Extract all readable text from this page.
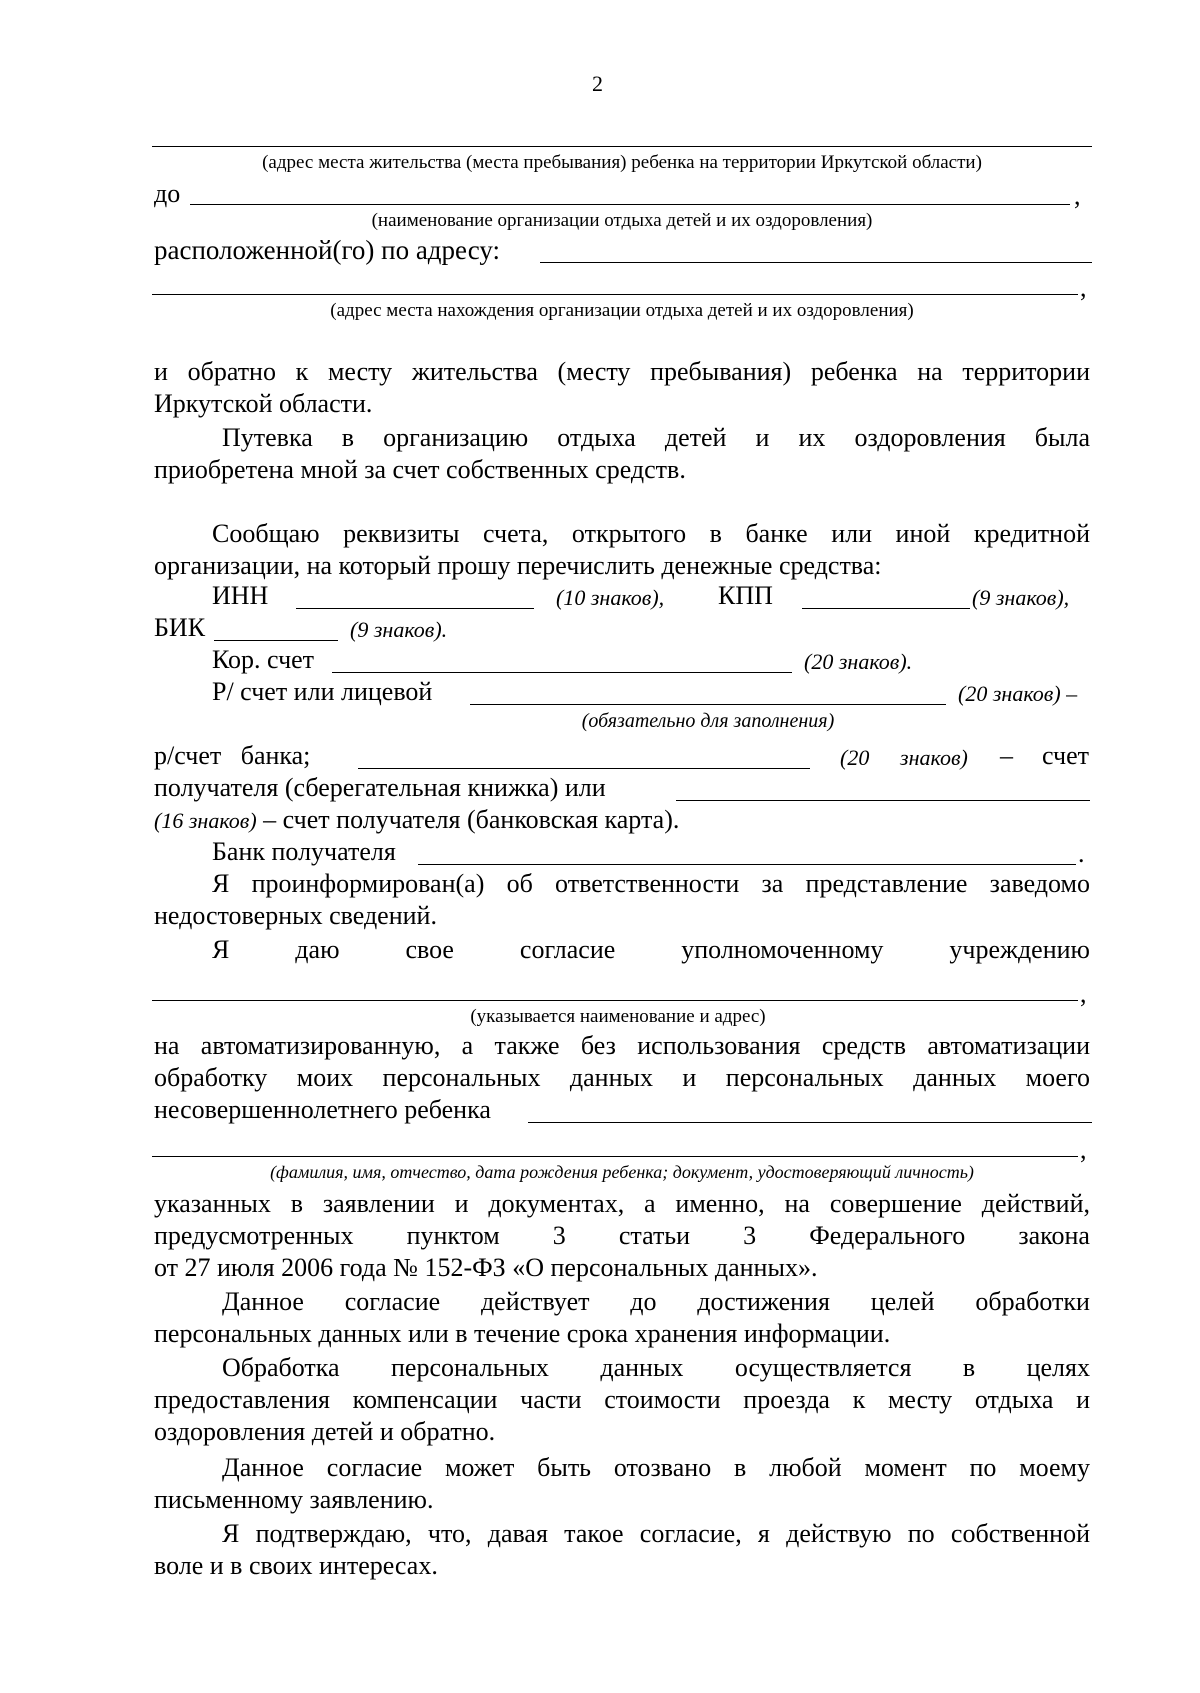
2
(адрес места жительства (места пребывания) ребенка на территории Иркутской области)
до	,
(наименование организации отдыха детей и их оздоровления)
расположенной(го) по адресу:
,
(адрес места нахождения организации отдыха детей и их оздоровления)
и обратно к месту жительства (месту пребывания) ребенка на территории
Иркутской области.
Путевка в организацию отдыха детей и их оздоровления была
приобретена мной за счет собственных средств.
Сообщаю реквизиты счета, открытого в банке или иной кредитной
организации, на который прошу перечислить денежные средства:
ИНН	(10 знаков), КПП	(9 знаков),
БИК	(9 знаков).
Кор. счет	(20 знаков).
Р/ счет или лицевой	(20 знаков) –
(обязательно для заполнения)
р/счет   банка;	(20 знаков) – счет
получателя (сберегательная книжка) или
(16 знаков) – счет получателя (банковская карта).
Банк получателя	.
Я проинформирован(а) об ответственности за представление заведомо
недостоверных сведений.
Я	даю	свое	согласие	уполномоченному	учреждению
,
(указывается наименование и адрес)
на автоматизированную, а также без использования средств автоматизации
обработку моих персональных данных и персональных данных моего
несовершеннолетнего ребенка
,
(фамилия, имя, отчество, дата рождения ребенка; документ, удостоверяющий личность)
указанных в заявлении и документах, а именно, на совершение действий,
предусмотренных пунктом 3 статьи 3 Федерального закона
от 27 июля 2006 года № 152-ФЗ «О персональных данных».
Данное согласие действует до достижения целей обработки
персональных данных или в течение срока хранения информации.
Обработка персональных данных осуществляется в целях
предоставления компенсации части стоимости проезда к месту отдыха и
оздоровления детей и обратно.
Данное согласие может быть отозвано в любой момент по моему
письменному заявлению.
Я подтверждаю, что, давая такое согласие, я действую по собственной
воле и в своих интересах.
